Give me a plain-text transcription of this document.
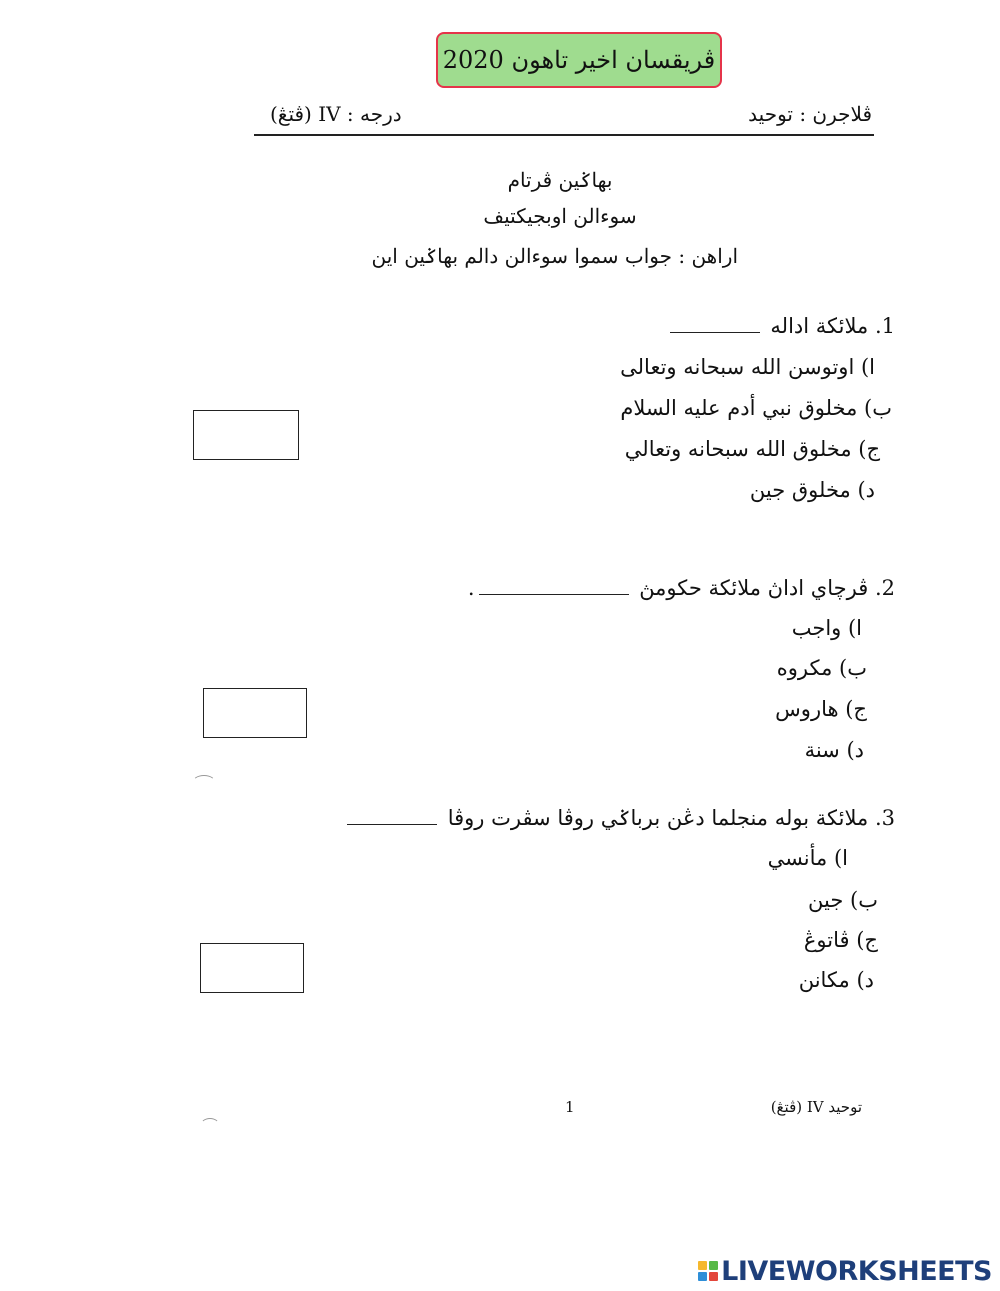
ڤريقسان اخير تاهون 2020
ڤلاجرن : توحيد
درجه : IV (ڤتڠ)
بهاݢين ڤرتام
سوءالن اوبجيكتيف
اراهن : جواب سموا سوءالن دالم بهاݢين اين
1. ملائكة اداله
ا) اوتوسن الله سبحانه وتعالى
ب) مخلوق نبي أدم عليه السلام
ج) مخلوق الله سبحانه وتعالي
د) مخلوق جين
2. ڤرچاي اداڽ ملائكة حكومڽ .
ا) واجب
ب) مكروه
ج) هاروس
د) سنة
3. ملائكة بوله منجلما دڠن برباݢي روڤا سڤرت روڤا
ا) مأنسي
ب) جين
ج) ڤاتوڠ
د) مكانن
توحيد IV (ڤتڠ)
1
LIVEWORKSHEETS
